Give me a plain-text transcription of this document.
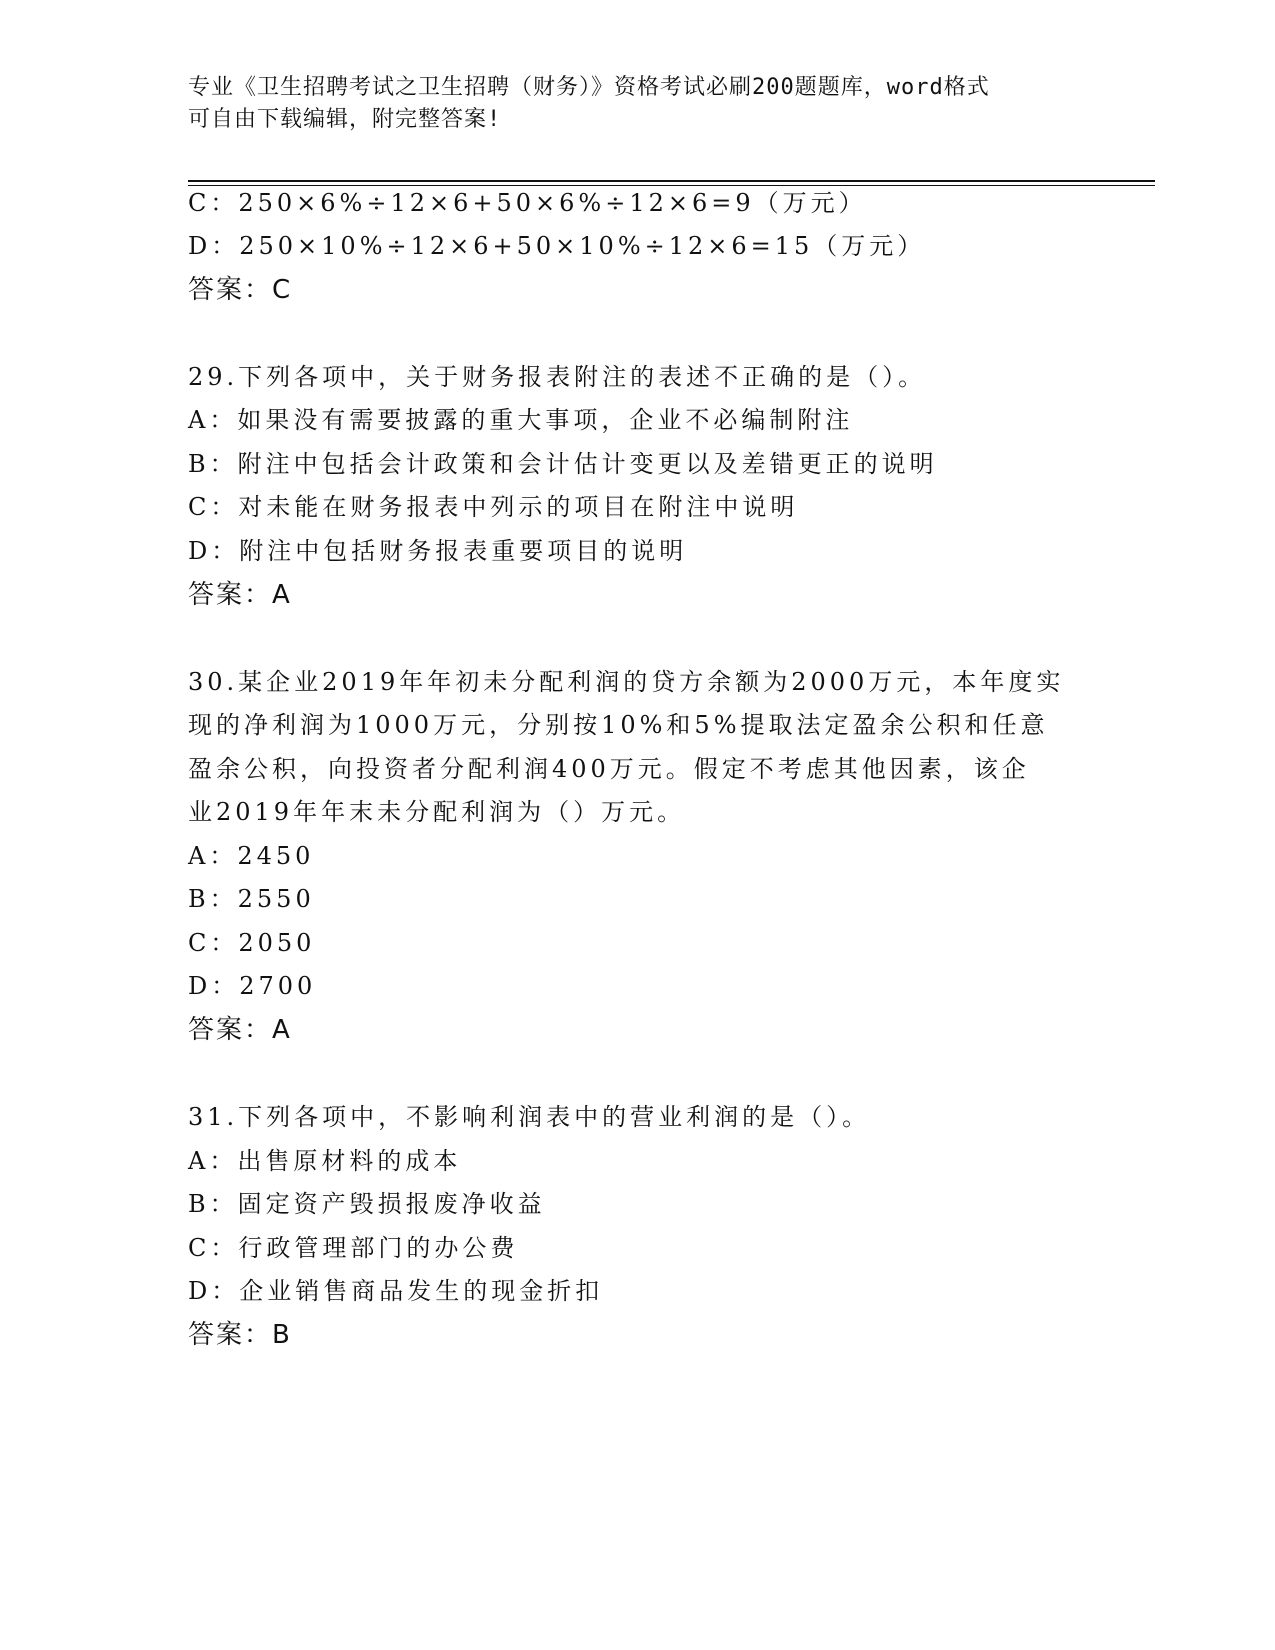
专业《卫生招聘考试之卫生招聘（财务）》资格考试必刷200题题库，word格式
可自由下载编辑，附完整答案!
C：250×6%÷12×6+50×6%÷12×6=9（万元）
D：250×10%÷12×6+50×10%÷12×6=15（万元）
答案：C
29.下列各项中，关于财务报表附注的表述不正确的是（）。
A：如果没有需要披露的重大事项，企业不必编制附注
B：附注中包括会计政策和会计估计变更以及差错更正的说明
C：对未能在财务报表中列示的项目在附注中说明
D：附注中包括财务报表重要项目的说明
答案：A
30.某企业2019年年初未分配利润的贷方余额为2000万元，本年度实
现的净利润为1000万元，分别按10%和5%提取法定盈余公积和任意
盈余公积，向投资者分配利润400万元。假定不考虑其他因素，该企
业2019年年末未分配利润为（）万元。
A：2450
B：2550
C：2050
D：2700
答案：A
31.下列各项中，不影响利润表中的营业利润的是（）。
A：出售原材料的成本
B：固定资产毁损报废净收益
C：行政管理部门的办公费
D：企业销售商品发生的现金折扣
答案：B
